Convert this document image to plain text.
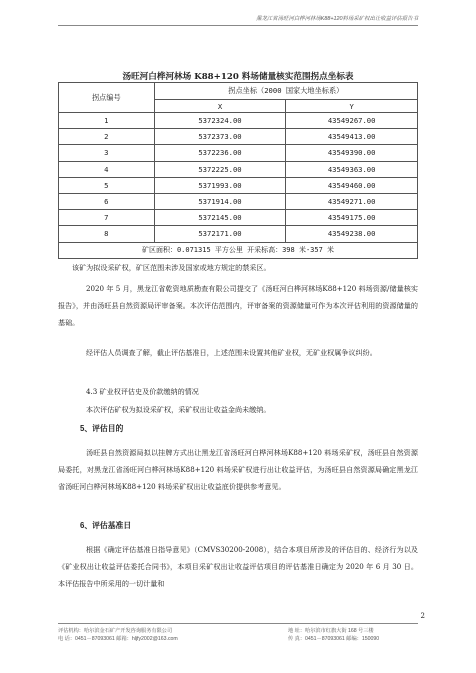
黑龙江省汤旺河白桦河林场K88+120料场采矿权出让收益评估报告书
汤旺河白桦河林场 K88+120 料场储量核实范围拐点坐标表
拐点编号	拐点坐标（2000 国家大地坐标系）	
	X	Y
1	5372324.00	43549267.00
2	5372373.00	43549413.00
3	5372236.00	43549390.00
4	5372225.00	43549363.00
5	5371993.00	43549460.00
6	5371914.00	43549271.00
7	5372145.00	43549175.00
8	5372171.00	43549238.00
矿区面积：0.071315 平方公里 开采标高：398 米-357 米		
该矿为拟设采矿权，矿区范围未涉及国家或地方规定的禁采区。
2020 年 5 月，黑龙江省乾资地质勘查有限公司提交了《汤旺河白桦河林场K88+120 料场资源/储量核实报告》，并由汤旺县自然资源局评审备案。本次评估范围内，评审备案的资源储量可作为本次评估利用的资源储量的基础。
经评估人员调查了解，截止评估基准日，上述范围未设置其他矿业权，无矿业权属争议纠纷。
4.3 矿业权评估史及价款缴纳的情况
本次评估矿权为拟设采矿权，采矿权出让收益金尚未缴纳。
5、评估目的
汤旺县自然资源局拟以挂牌方式出让黑龙江省汤旺河白桦河林场K88+120 料场采矿权，汤旺县自然资源局委托，对黑龙江省汤旺河白桦河林场K88+120 料场采矿权进行出让收益评估，为汤旺县自然资源局确定黑龙江省汤旺河白桦河林场K88+120 料场采矿权出让收益底价提供参考意见。
6、评估基准日
根据《确定评估基准日指导意见》（CMVS30200-2008），结合本项目所涉及的评估目的、经济行为以及《矿业权出让收益评估委托合同书》，本项目采矿权出让收益评估项目的评估基准日确定为 2020 年 6 月 30 日。本评估报告中所采用的一切计量和
2
评估机构：哈尔滨金石矿产开发咨询服务有限公司
电 话：0451－87093061 邮箱：hljfy2002@163.com
地 址：哈尔滨市红旗大街 168 号三楼
传 真：0451－87093061 邮编：150090
